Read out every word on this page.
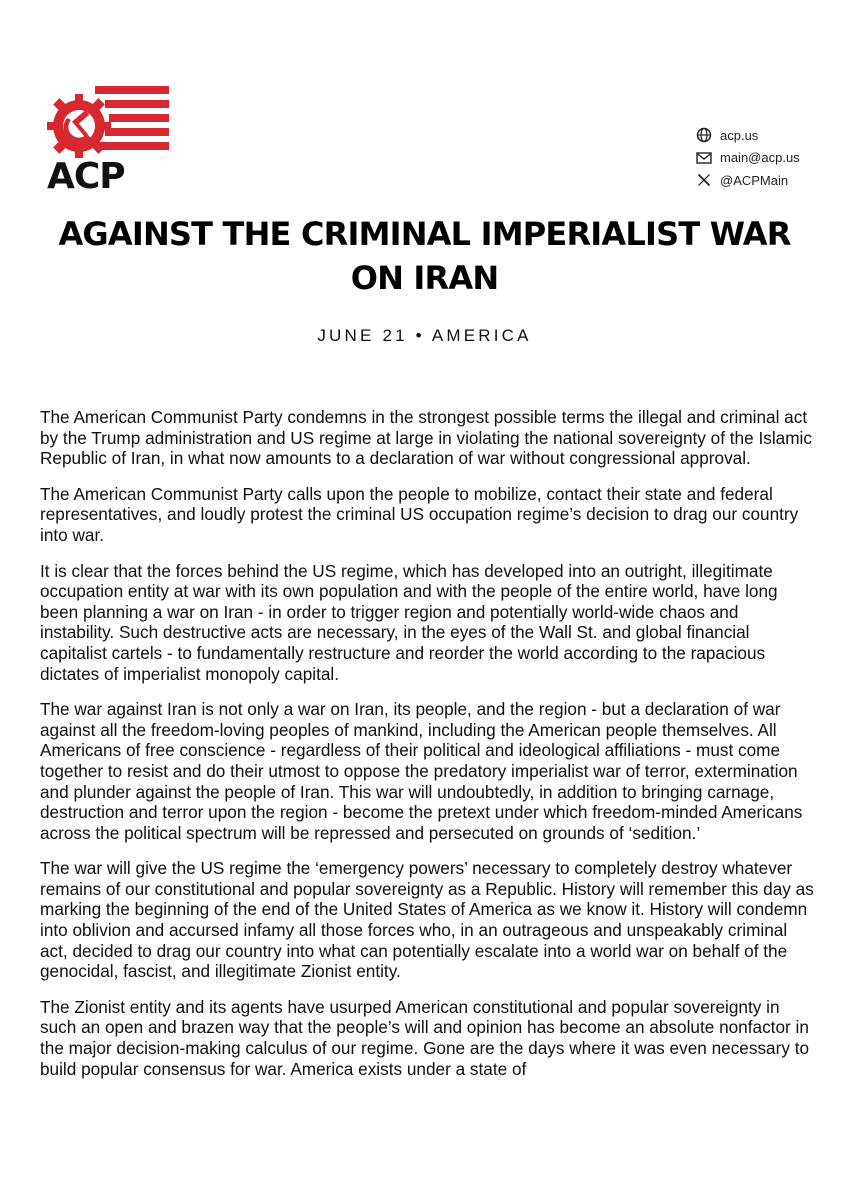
ACP
acp.us
main@acp.us
@ACPMain
AGAINST THE CRIMINAL IMPERIALIST WAR
ON IRAN
JUNE 21 • AMERICA

The American Communist Party condemns in the strongest possible terms the illegal and criminal act by the Trump administration and US regime at large in violating the national sovereignty of the Islamic Republic of Iran, in what now amounts to a declaration of war without congressional approval.

The American Communist Party calls upon the people to mobilize, contact their state and federal representatives, and loudly protest the criminal US occupation regime’s decision to drag our country into war.

It is clear that the forces behind the US regime, which has developed into an outright, illegitimate occupation entity at war with its own population and with the people of the entire world, have long been planning a war on Iran - in order to trigger region and potentially world-wide chaos and instability. Such destructive acts are necessary, in the eyes of the Wall St. and global financial capitalist cartels - to fundamentally restructure and reorder the world according to the rapacious dictates of imperialist monopoly capital.

The war against Iran is not only a war on Iran, its people, and the region - but a declaration of war against all the freedom-loving peoples of mankind, including the American people themselves. All Americans of free conscience - regardless of their political and ideological affiliations - must come together to resist and do their utmost to oppose the predatory imperialist war of terror, extermination and plunder against the people of Iran. This war will undoubtedly, in addition to bringing carnage, destruction and terror upon the region - become the pretext under which freedom-minded Americans across the political spectrum will be repressed and persecuted on grounds of ‘sedition.’

The war will give the US regime the ‘emergency powers’ necessary to completely destroy whatever remains of our constitutional and popular sovereignty as a Republic. History will remember this day as marking the beginning of the end of the United States of America as we know it. History will condemn into oblivion and accursed infamy all those forces who, in an outrageous and unspeakably criminal act, decided to drag our country into what can potentially escalate into a world war on behalf of the genocidal, fascist, and illegitimate Zionist entity.

The Zionist entity and its agents have usurped American constitutional and popular sovereignty in such an open and brazen way that the people’s will and opinion has become an absolute nonfactor in the major decision-making calculus of our regime. Gone are the days where it was even necessary to build popular consensus for war. America exists under a state of
